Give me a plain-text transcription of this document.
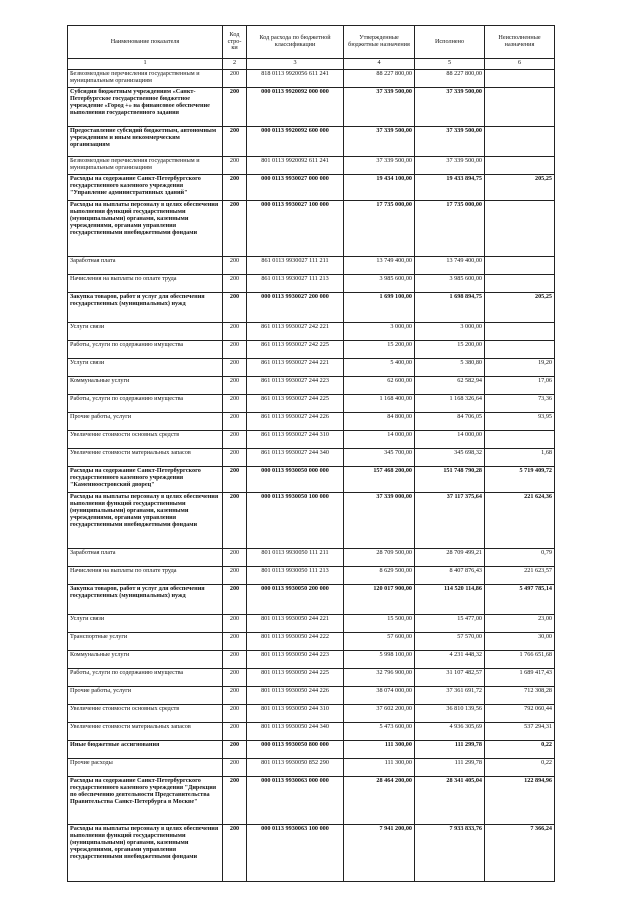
Наименование показателя	Код стро-ки	Код расхода по бюджетной классификации	Утвержденные бюджетные назначения	Исполнено	Неисполненные назначения
1	2	3	4	5	6
Безвозмездные перечисления государственным и муниципальным организациям	200	818 0113 9920056 611 241	88 227 800,00	88 227 800,00	
Субсидия бюджетным учреждениям «Санкт-Петербургское государственное бюджетное учреждение «Город +» на финансовое обеспечение выполнения государственного задания	200	000 0113 9920092 000 000	37 339 500,00	37 339 500,00	
Предоставление субсидий бюджетным, автономным учреждениям и иным некоммерческим организациям	200	000 0113 9920092 600 000	37 339 500,00	37 339 500,00	
Безвозмездные перечисления государственным и муниципальным организациям	200	801 0113 9920092 611 241	37 339 500,00	37 339 500,00	
Расходы на содержание Санкт-Петербургского государственного казенного учреждения "Управление административных зданий"	200	000 0113 9930027 000 000	19 434 100,00	19 433 894,75	205,25
Расходы на выплаты персоналу в целях обеспечения выполнения функций государственными (муниципальными) органами, казенными учреждениями, органами управления государственными внебюджетными фондами	200	000 0113 9930027 100 000	17 735 000,00	17 735 000,00	
Заработная плата	200	861 0113 9930027 111 211	13 749 400,00	13 749 400,00	
Начисления на выплаты по оплате труда	200	861 0113 9930027 111 213	3 985 600,00	3 985 600,00	
Закупка товаров, работ и услуг для обеспечения государственных (муниципальных) нужд	200	000 0113 9930027 200 000	1 699 100,00	1 698 894,75	205,25
Услуги связи	200	861 0113 9930027 242 221	3 000,00	3 000,00	
Работы, услуги по содержанию имущества	200	861 0113 9930027 242 225	15 200,00	15 200,00	
Услуги связи	200	861 0113 9930027 244 221	5 400,00	5 380,80	19,20
Коммунальные услуги	200	861 0113 9930027 244 223	62 600,00	62 582,94	17,06
Работы, услуги по содержанию имущества	200	861 0113 9930027 244 225	1 168 400,00	1 168 326,64	73,36
Прочие работы, услуги	200	861 0113 9930027 244 226	84 800,00	84 706,05	93,95
Увеличение стоимости основных средств	200	861 0113 9930027 244 310	14 000,00	14 000,00	
Увеличение стоимости материальных запасов	200	861 0113 9930027 244 340	345 700,00	345 698,32	1,68
Расходы на содержание Санкт-Петербургского государственного казенного учреждения "Каменноостровский дворец"	200	000 0113 9930050 000 000	157 468 200,00	151 748 790,28	5 719 409,72
Расходы на выплаты персоналу в целях обеспечения выполнения функций государственными (муниципальными) органами, казенными учреждениями, органами управления государственными внебюджетными фондами	200	000 0113 9930050 100 000	37 339 000,00	37 117 375,64	221 624,36
Заработная плата	200	801 0113 9930050 111 211	28 709 500,00	28 709 499,21	0,79
Начисления на выплаты по оплате труда	200	801 0113 9930050 111 213	8 629 500,00	8 407 876,43	221 623,57
Закупка товаров, работ и услуг для обеспечения государственных (муниципальных) нужд	200	000 0113 9930050 200 000	120 017 900,00	114 520 114,86	5 497 785,14
Услуги связи	200	801 0113 9930050 244 221	15 500,00	15 477,00	23,00
Транспортные услуги	200	801 0113 9930050 244 222	57 600,00	57 570,00	30,00
Коммунальные услуги	200	801 0113 9930050 244 223	5 998 100,00	4 231 448,32	1 766 651,68
Работы, услуги по содержанию имущества	200	801 0113 9930050 244 225	32 796 900,00	31 107 482,57	1 689 417,43
Прочие работы, услуги	200	801 0113 9930050 244 226	38 074 000,00	37 361 691,72	712 308,28
Увеличение стоимости основных средств	200	801 0113 9930050 244 310	37 602 200,00	36 810 139,56	792 060,44
Увеличение стоимости материальных запасов	200	801 0113 9930050 244 340	5 473 600,00	4 936 305,69	537 294,31
Иные бюджетные ассигнования	200	000 0113 9930050 800 000	111 300,00	111 299,78	0,22
Прочие расходы	200	801 0113 9930050 852 290	111 300,00	111 299,78	0,22
Расходы на содержание Санкт-Петербургского государственного казенного учреждения "Дирекция по обеспечению деятельности Представительства Правительства Санкт-Петербурга в Москве"	200	000 0113 9930063 000 000	28 464 200,00	28 341 405,04	122 894,96
Расходы на выплаты персоналу в целях обеспечения выполнения функций государственными (муниципальными) органами, казенными учреждениями, органами управления государственными внебюджетными фондами	200	000 0113 9930063 100 000	7 941 200,00	7 933 833,76	7 366,24
